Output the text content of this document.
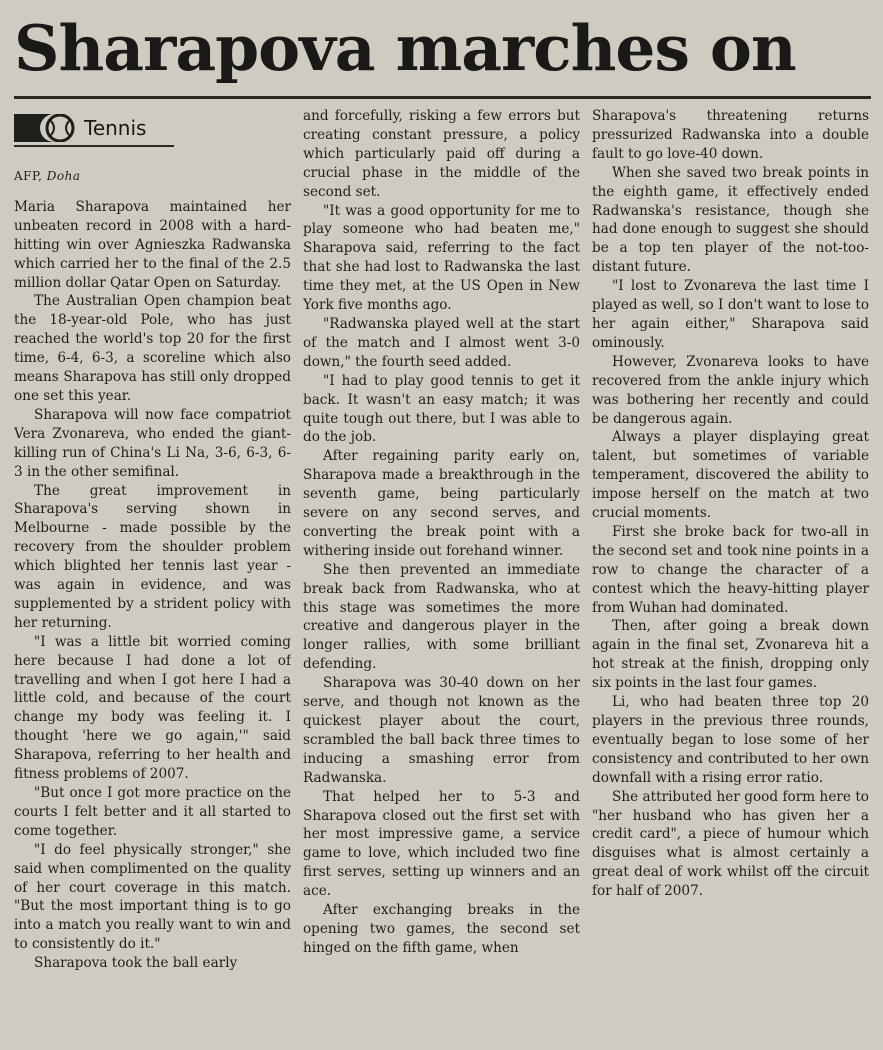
Sharapova marches on
Tennis
AFP, Doha

Maria Sharapova maintained her unbeaten record in 2008 with a hard-hitting win over Agnieszka Radwanska which carried her to the final of the 2.5 million dollar Qatar Open on Saturday.

The Australian Open champion beat the 18-year-old Pole, who has just reached the world's top 20 for the first time, 6-4, 6-3, a scoreline which also means Sharapova has still only dropped one set this year.

Sharapova will now face compatriot Vera Zvonareva, who ended the giant-killing run of China's Li Na, 3-6, 6-3, 6-3 in the other semifinal.

The great improvement in Sharapova's serving shown in Melbourne - made possible by the recovery from the shoulder problem which blighted her tennis last year - was again in evidence, and was supplemented by a strident policy with her returning.

"I was a little bit worried coming here because I had done a lot of travelling and when I got here I had a little cold, and because of the court change my body was feeling it. I thought 'here we go again,'" said Sharapova, referring to her health and fitness problems of 2007.

"But once I got more practice on the courts I felt better and it all started to come together.

"I do feel physically stronger," she said when complimented on the quality of her court coverage in this match. "But the most important thing is to go into a match you really want to win and to consistently do it."

Sharapova took the ball early

and forcefully, risking a few errors but creating constant pressure, a policy which particularly paid off during a crucial phase in the middle of the second set.

"It was a good opportunity for me to play someone who had beaten me," Sharapova said, referring to the fact that she had lost to Radwanska the last time they met, at the US Open in New York five months ago.

"Radwanska played well at the start of the match and I almost went 3-0 down," the fourth seed added.

"I had to play good tennis to get it back. It wasn't an easy match; it was quite tough out there, but I was able to do the job.

After regaining parity early on, Sharapova made a breakthrough in the seventh game, being particularly severe on any second serves, and converting the break point with a withering inside out forehand winner.

She then prevented an immediate break back from Radwanska, who at this stage was sometimes the more creative and dangerous player in the longer rallies, with some brilliant defending.

Sharapova was 30-40 down on her serve, and though not known as the quickest player about the court, scrambled the ball back three times to inducing a smashing error from Radwanska.

That helped her to 5-3 and Sharapova closed out the first set with her most impressive game, a service game to love, which included two fine first serves, setting up winners and an ace.

After exchanging breaks in the opening two games, the second set hinged on the fifth game, when

Sharapova's threatening returns pressurized Radwanska into a double fault to go love-40 down.

When she saved two break points in the eighth game, it effectively ended Radwanska's resistance, though she had done enough to suggest she should be a top ten player of the not-too-distant future.

"I lost to Zvonareva the last time I played as well, so I don't want to lose to her again either," Sharapova said ominously.

However, Zvonareva looks to have recovered from the ankle injury which was bothering her recently and could be dangerous again.

Always a player displaying great talent, but sometimes of variable temperament, discovered the ability to impose herself on the match at two crucial moments.

First she broke back for two-all in the second set and took nine points in a row to change the character of a contest which the heavy-hitting player from Wuhan had dominated.

Then, after going a break down again in the final set, Zvonareva hit a hot streak at the finish, dropping only six points in the last four games.

Li, who had beaten three top 20 players in the previous three rounds, eventually began to lose some of her consistency and contributed to her own downfall with a rising error ratio.

She attributed her good form here to "her husband who has given her a credit card", a piece of humour which disguises what is almost certainly a great deal of work whilst off the circuit for half of 2007.
